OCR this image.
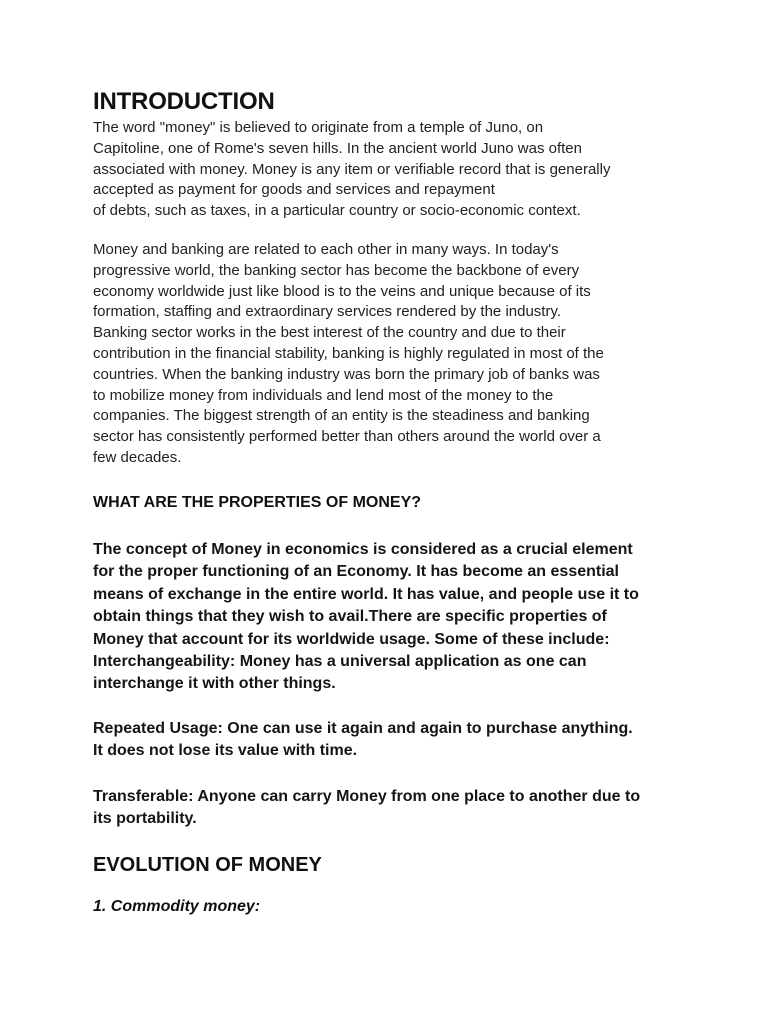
INTRODUCTION

The word "money" is believed to originate from a temple of Juno, on
Capitoline, one of Rome's seven hills. In the ancient world Juno was often
associated with money. Money is any item or verifiable record that is generally
accepted as payment for goods and services and repayment
of debts, such as taxes, in a particular country or socio-economic context.

Money and banking are related to each other in many ways. In today's
progressive world, the banking sector has become the backbone of every
economy worldwide just like blood is to the veins and unique because of its
formation, staffing and extraordinary services rendered by the industry.
Banking sector works in the best interest of the country and due to their
contribution in the financial stability, banking is highly regulated in most of the
countries. When the banking industry was born the primary job of banks was
to mobilize money from individuals and lend most of the money to the
companies. The biggest strength of an entity is the steadiness and banking
sector has consistently performed better than others around the world over a
few decades.

WHAT ARE THE PROPERTIES OF MONEY?

The concept of Money in economics is considered as a crucial element
for the proper functioning of an Economy. It has become an essential
means of exchange in the entire world. It has value, and people use it to
obtain things that they wish to avail.There are specific properties of
Money that account for its worldwide usage. Some of these include:
Interchangeability: Money has a universal application as one can
interchange it with other things.

Repeated Usage: One can use it again and again to purchase anything.
It does not lose its value with time.

Transferable: Anyone can carry Money from one place to another due to
its portability.

EVOLUTION OF MONEY
1. Commodity money:
